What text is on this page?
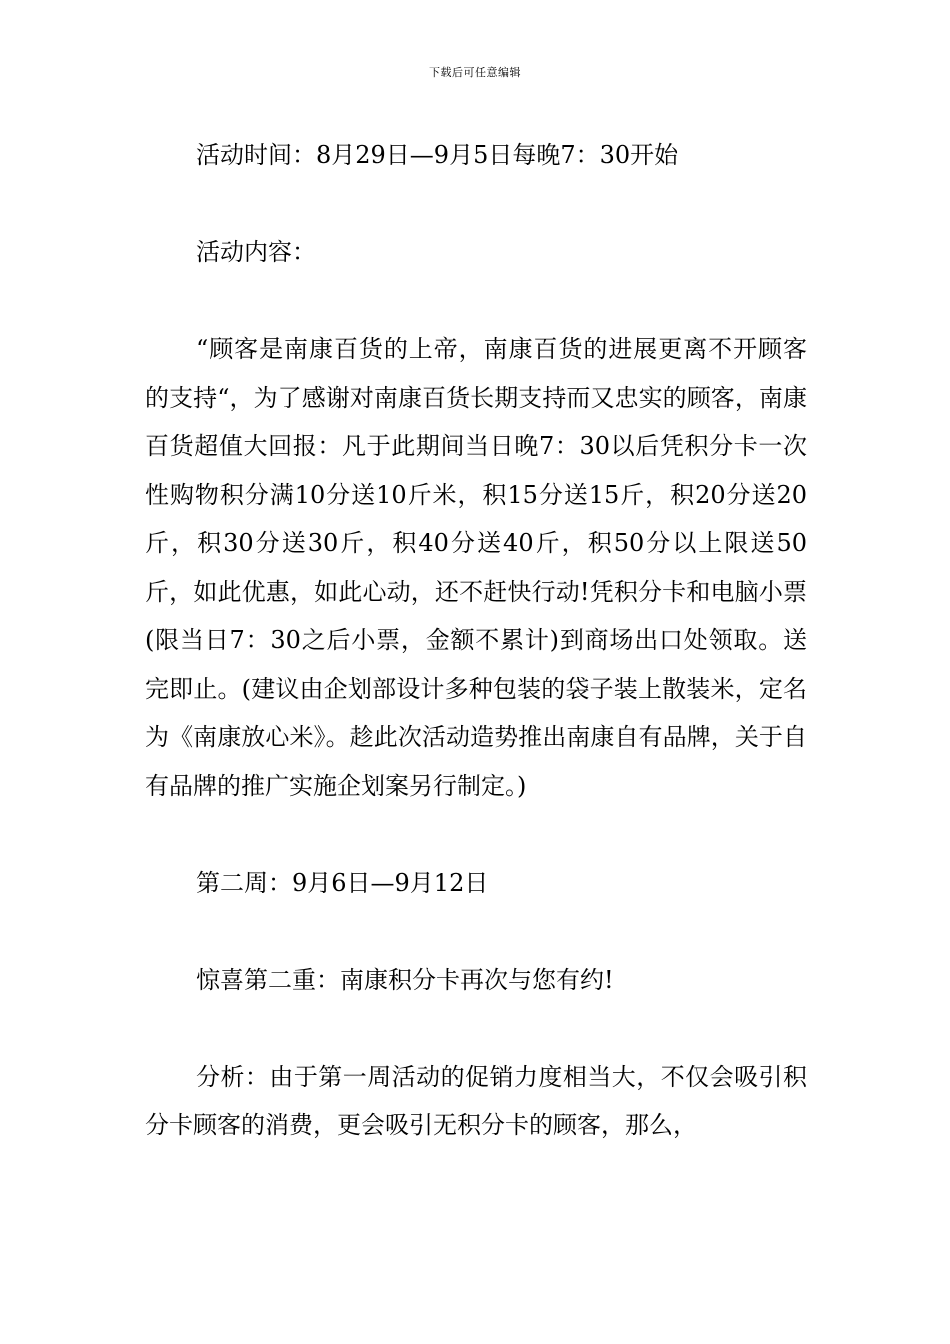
下载后可任意编辑

活动时间：8月29日—9月5日每晚7：30开始

活动内容：

“顾客是南康百货的上帝，南康百货的进展更离不开顾客的支持“，为了感谢对南康百货长期支持而又忠实的顾客，南康百货超值大回报：凡于此期间当日晚7：30以后凭积分卡一次性购物积分满10分送10斤米，积15分送15斤，积20分送20斤，积30分送30斤，积40分送40斤，积50分以上限送50斤，如此优惠，如此心动，还不赶快行动!凭积分卡和电脑小票(限当日7：30之后小票，金额不累计)到商场出口处领取。送完即止。(建议由企划部设计多种包装的袋子装上散装米，定名为《南康放心米》。趁此次活动造势推出南康自有品牌，关于自有品牌的推广实施企划案另行制定。)

第二周：9月6日—9月12日

惊喜第二重：南康积分卡再次与您有约!

分析：由于第一周活动的促销力度相当大，不仅会吸引积分卡顾客的消费，更会吸引无积分卡的顾客，那么，
